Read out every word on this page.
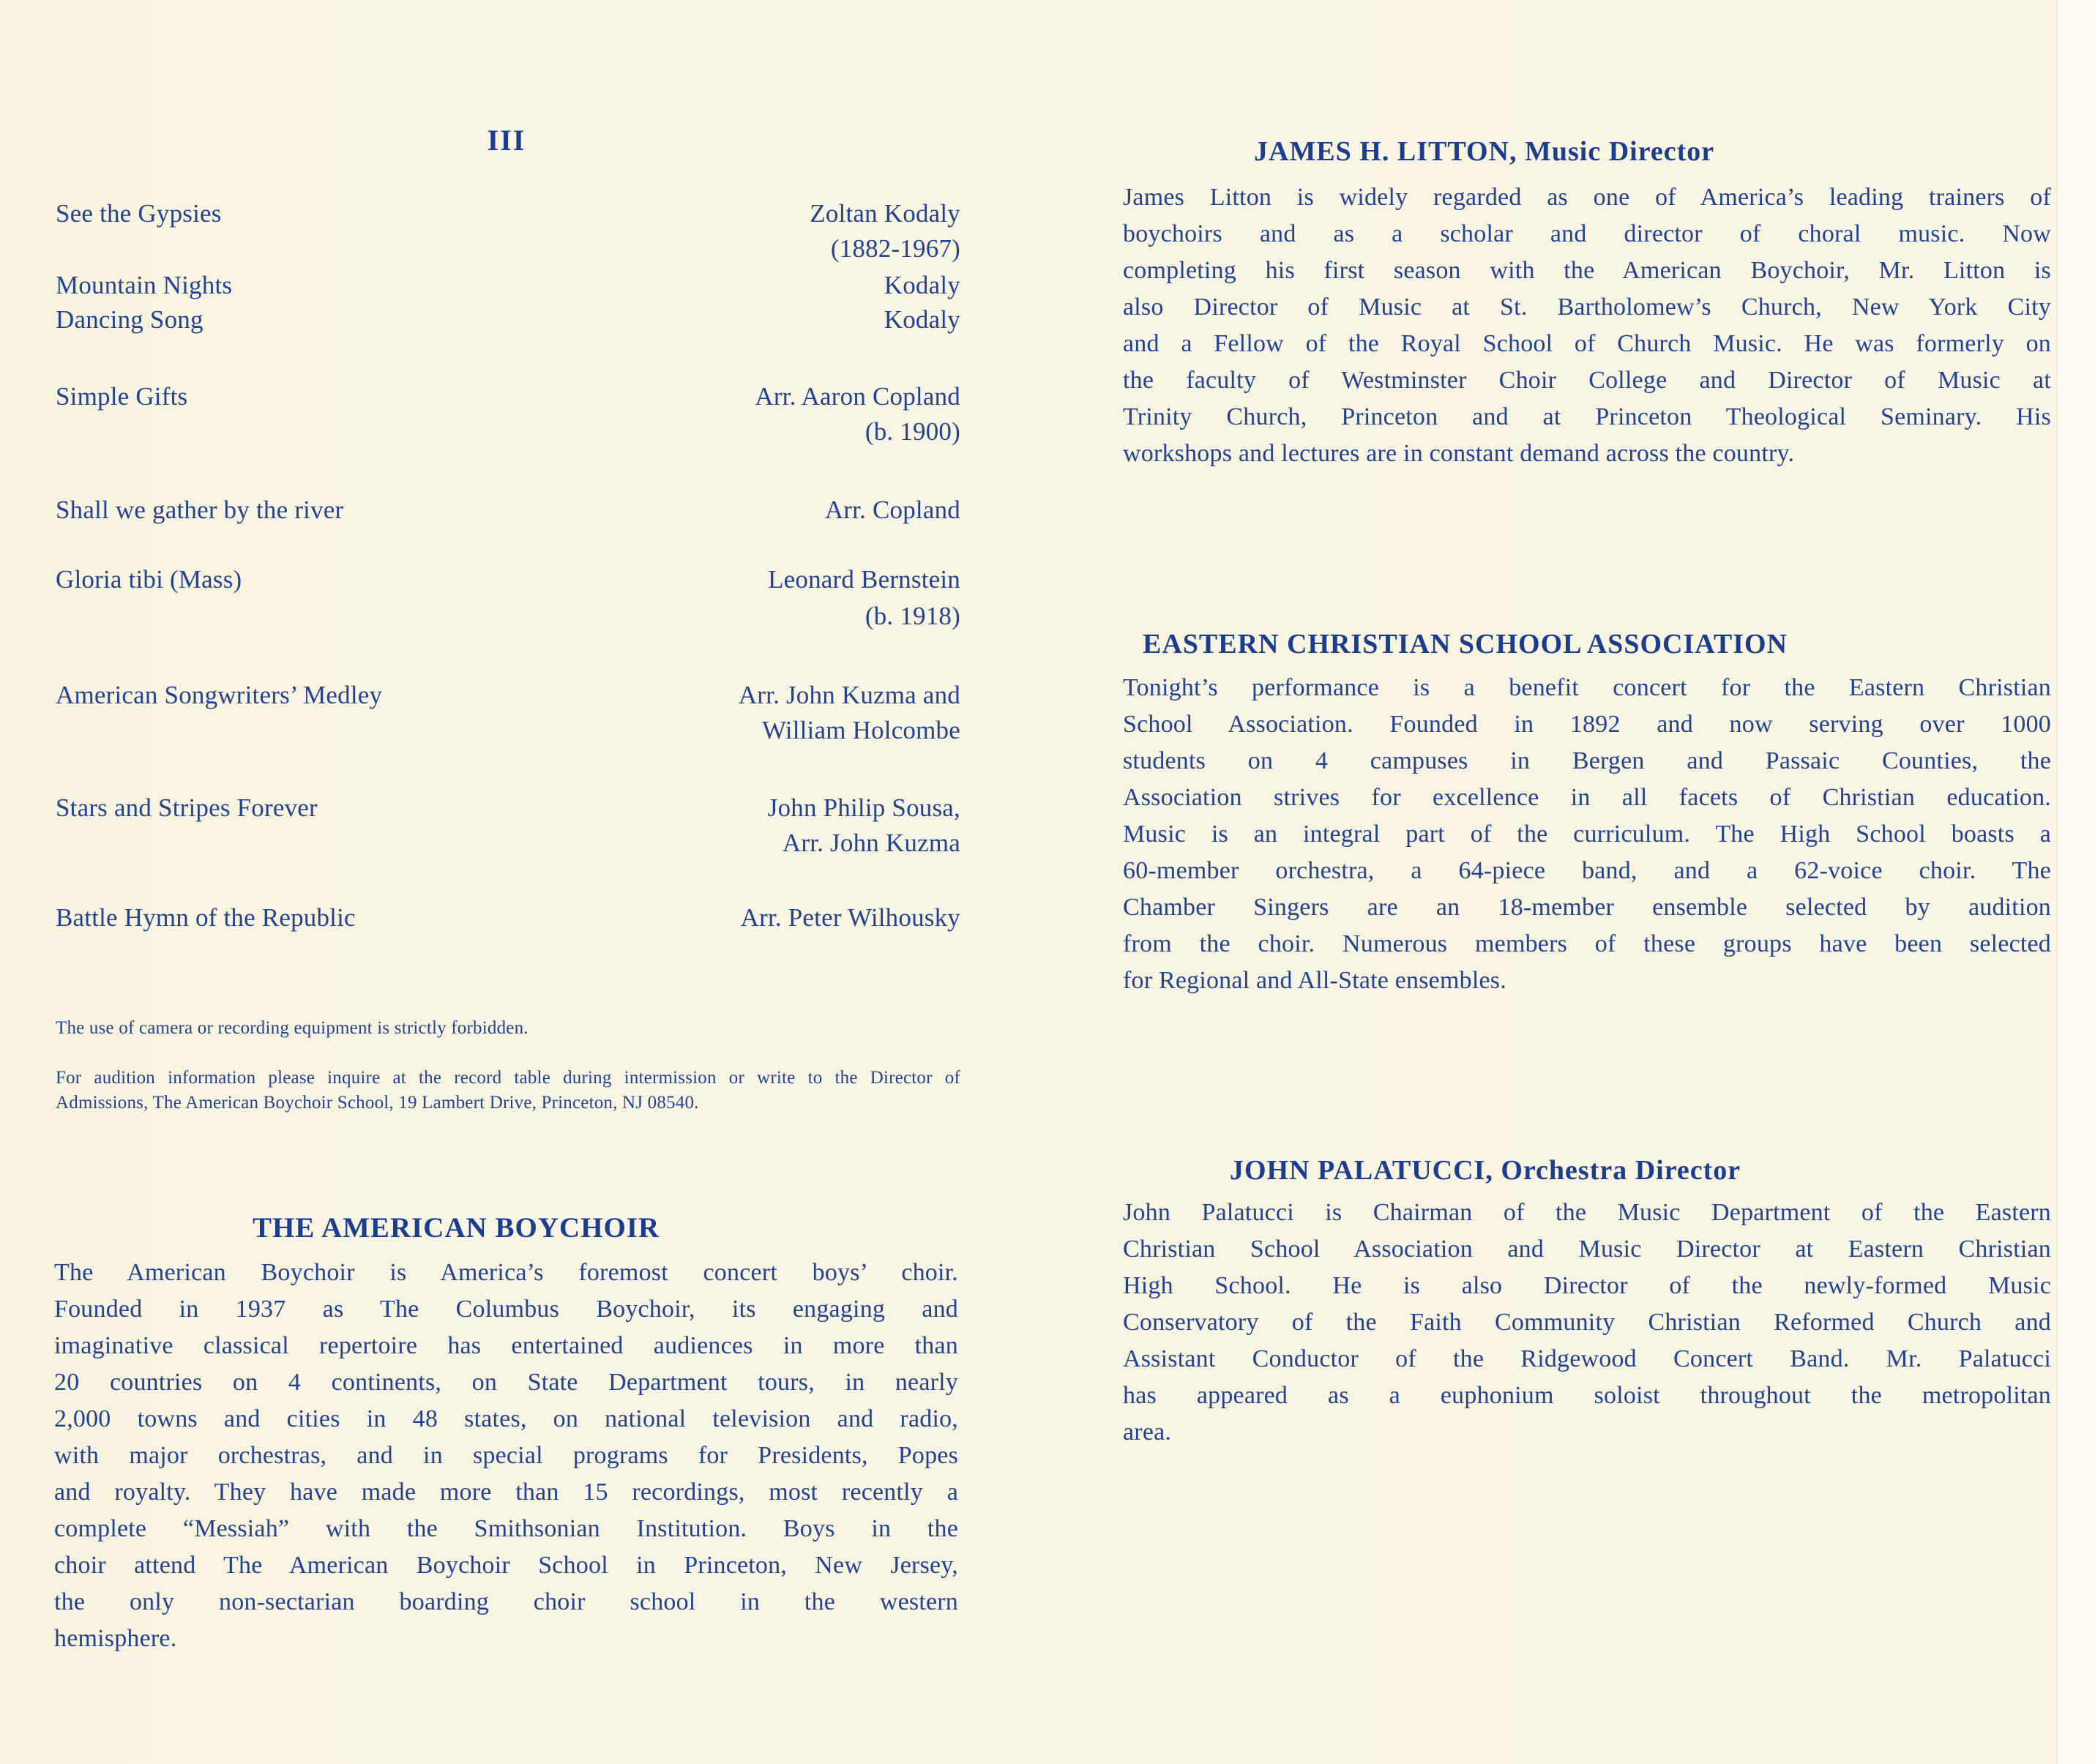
III
See the Gypsies	Zoltan Kodaly
(1882-1967)
Mountain Nights	Kodaly
Dancing Song	Kodaly
Simple Gifts	Arr. Aaron Copland
(b. 1900)
Shall we gather by the river	Arr. Copland
Gloria tibi (Mass)	Leonard Bernstein
(b. 1918)
American Songwriters’ Medley	Arr. John Kuzma and
William Holcombe
Stars and Stripes Forever	John Philip Sousa,
Arr. John Kuzma
Battle Hymn of the Republic	Arr. Peter Wilhousky
The use of camera or recording equipment is strictly forbidden.
For audition information please inquire at the record table during intermission or write to the Director of
Admissions, The American Boychoir School, 19 Lambert Drive, Princeton, NJ 08540.
THE AMERICAN BOYCHOIR
The American Boychoir is America’s foremost concert boys’ choir.
Founded in 1937 as The Columbus Boychoir, its engaging and
imaginative classical repertoire has entertained audiences in more than
20 countries on 4 continents, on State Department tours, in nearly
2,000 towns and cities in 48 states, on national television and radio,
with major orchestras, and in special programs for Presidents, Popes
and royalty. They have made more than 15 recordings, most recently a
complete “Messiah” with the Smithsonian Institution. Boys in the
choir attend The American Boychoir School in Princeton, New Jersey,
the only non-sectarian boarding choir school in the western
hemisphere.
JAMES H. LITTON, Music Director
James Litton is widely regarded as one of America’s leading trainers of
boychoirs and as a scholar and director of choral music. Now
completing his first season with the American Boychoir, Mr. Litton is
also Director of Music at St. Bartholomew’s Church, New York City
and a Fellow of the Royal School of Church Music. He was formerly on
the faculty of Westminster Choir College and Director of Music at
Trinity Church, Princeton and at Princeton Theological Seminary. His
workshops and lectures are in constant demand across the country.
EASTERN CHRISTIAN SCHOOL ASSOCIATION
Tonight’s performance is a benefit concert for the Eastern Christian
School Association. Founded in 1892 and now serving over 1000
students on 4 campuses in Bergen and Passaic Counties, the
Association strives for excellence in all facets of Christian education.
Music is an integral part of the curriculum. The High School boasts a
60-member orchestra, a 64-piece band, and a 62-voice choir. The
Chamber Singers are an 18-member ensemble selected by audition
from the choir. Numerous members of these groups have been selected
for Regional and All-State ensembles.
JOHN PALATUCCI, Orchestra Director
John Palatucci is Chairman of the Music Department of the Eastern
Christian School Association and Music Director at Eastern Christian
High School. He is also Director of the newly-formed Music
Conservatory of the Faith Community Christian Reformed Church and
Assistant Conductor of the Ridgewood Concert Band. Mr. Palatucci
has appeared as a euphonium soloist throughout the metropolitan
area.
